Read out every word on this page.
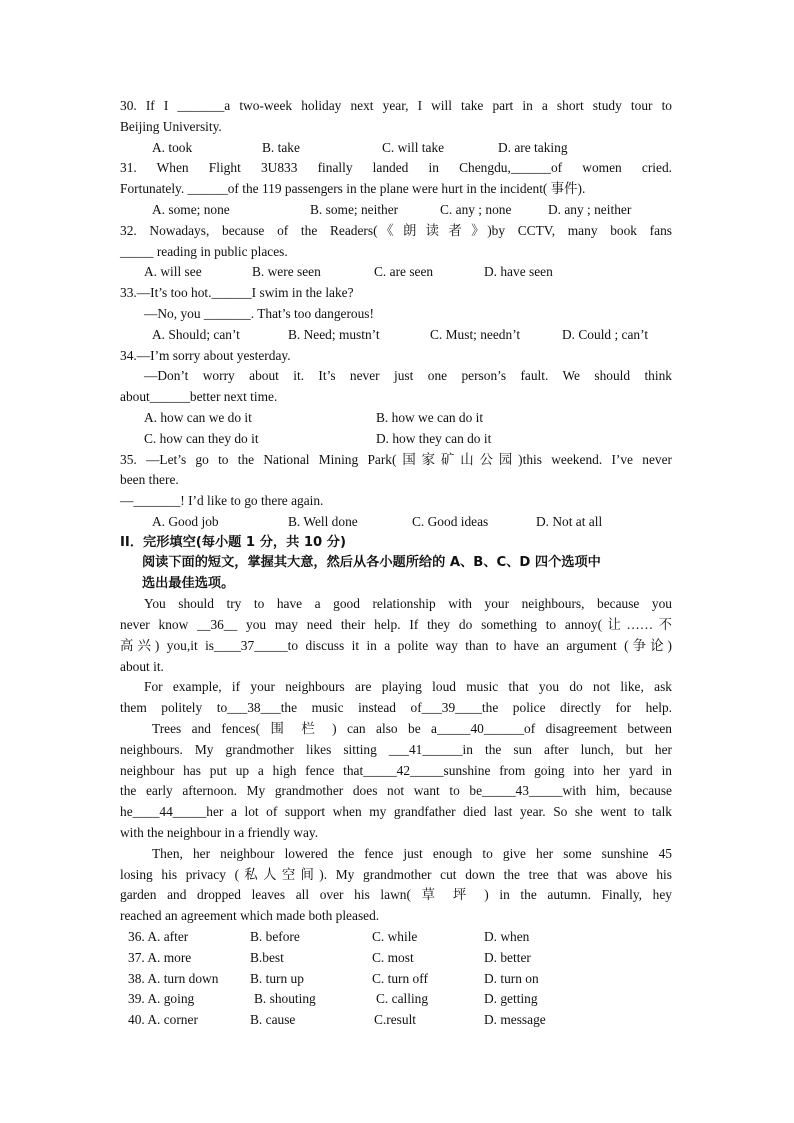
30. If I _______a two-week holiday next year, I will take part in a short study tour to
Beijing University.
A. took	B. take	C. will take	D. are taking
31. When Flight 3U833 finally landed in Chengdu,______of women cried.
Fortunately. ______of the 119 passengers in the plane were hurt in the incident( 事件).
A. some; none	B. some; neither	C. any ; none	D. any ; neither
32. Nowadays, because of the Readers(《朗读者》)by CCTV, many book fans
_____ reading in public places.
A. will see	B. were seen	C. are seen	D. have seen
33.—It’s too hot.______I swim in the lake?
—No, you _______. That’s too dangerous!
A. Should; can’t	B. Need; mustn’t	C. Must; needn’t	D. Could ; can’t
34.—I’m sorry about yesterday.
—Don’t worry about it. It’s never just one person’s fault. We should think
about______better next time.
A. how can we do it	B. how we can do it
C. how can they do it	D. how they can do it
35. —Let’s go to the National Mining Park(国家矿山公园)this weekend. I’ve never
been there.
—_______! I’d like to go there again.
A. Good job	B. Well done	C. Good ideas	D. Not at all
II．完形填空(每小题 1 分，共 10 分)
阅读下面的短文，掌握其大意，然后从各小题所给的 A、B、C、D 四个选项中
选出最佳选项。
You should try to have a good relationship with your neighbours, because you
never know __36__ you may need their help. If they do something to annoy(让……不
高兴) you,it is____37_____to discuss it in a polite way than to have an argument (争论)
about it.
For example, if your neighbours are playing loud music that you do not like, ask
them politely to___38___the music instead of___39____the police directly for help.
Trees and fences( 围 栏 ) can also be a_____40______of disagreement between
neighbours. My grandmother likes sitting ___41______in the sun after lunch, but her
neighbour has put up a high fence that_____42_____sunshine from going into her yard in
the early afternoon. My grandmother does not want to be_____43_____with him, because
he____44_____her a lot of support when my grandfather died last year. So she went to talk
with the neighbour in a friendly way.
Then, her neighbour lowered the fence just enough to give her some sunshine 45
losing his privacy (私人空间). My grandmother cut down the tree that was above his
garden and dropped leaves all over his lawn( 草 坪 ) in the autumn. Finally, hey
reached an agreement which made both pleased.
36. A. after	B. before	C. while	D. when
37. A. more	B.best	C. most	D. better
38. A. turn down	B. turn up	C. turn off	D. turn on
39. A. going	B. shouting	C. calling	D. getting
40. A. corner	B. cause	C.result	D. message
